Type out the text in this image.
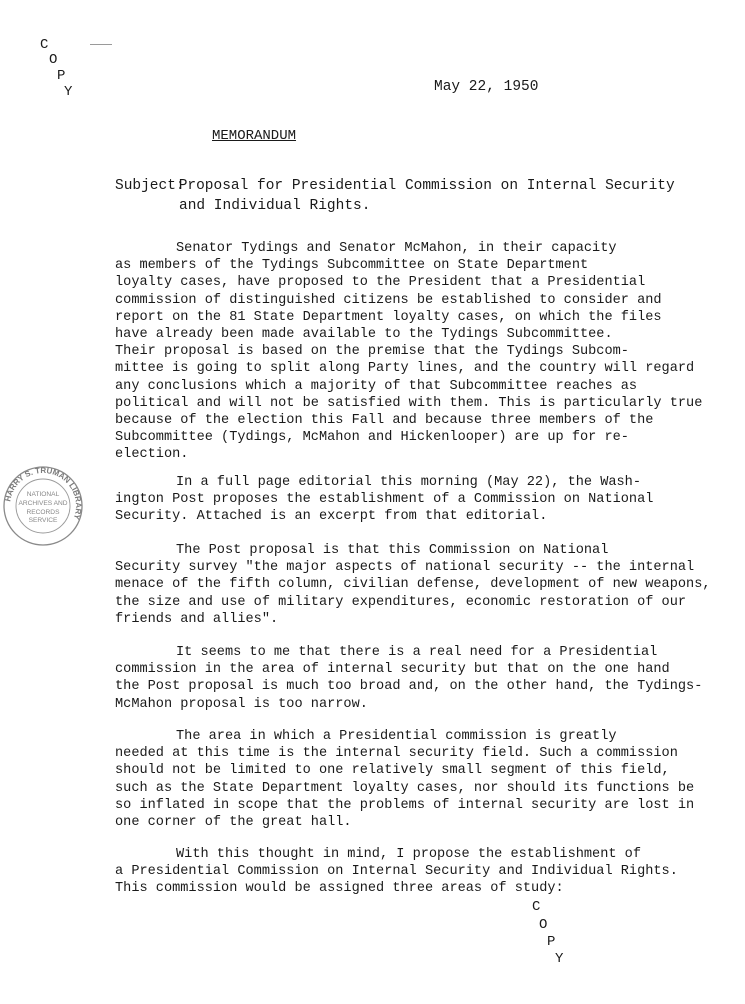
C
O
P
Y	May 22, 1950
MEMORANDUM
Subject: Proposal for Presidential Commission on Internal Security
and Individual Rights.
Senator Tydings and Senator McMahon, in their capacity
as members of the Tydings Subcommittee on State Department
loyalty cases, have proposed to the President that a Presidential
commission of distinguished citizens be established to consider and
report on the 81 State Department loyalty cases, on which the files
have already been made available to the Tydings Subcommittee.
Their proposal is based on the premise that the Tydings Subcom-
mittee is going to split along Party lines, and the country will regard
any conclusions which a majority of that Subcommittee reaches as
political and will not be satisfied with them. This is particularly true
because of the election this Fall and because three members of the
Subcommittee (Tydings, McMahon and Hickenlooper) are up for re-
election.
HARRY S. TRUMAN LIBRARY
NATIONAL
ARCHIVES AND
RECORDS
SERVICE
In a full page editorial this morning (May 22), the Wash-
ington Post proposes the establishment of a Commission on National
Security. Attached is an excerpt from that editorial.
The Post proposal is that this Commission on National
Security survey "the major aspects of national security -- the internal
menace of the fifth column, civilian defense, development of new weapons,
the size and use of military expenditures, economic restoration of our
friends and allies".
It seems to me that there is a real need for a Presidential
commission in the area of internal security but that on the one hand
the Post proposal is much too broad and, on the other hand, the Tydings-
McMahon proposal is too narrow.
The area in which a Presidential commission is greatly
needed at this time is the internal security field. Such a commission
should not be limited to one relatively small segment of this field,
such as the State Department loyalty cases, nor should its functions be
so inflated in scope that the problems of internal security are lost in
one corner of the great hall.
With this thought in mind, I propose the establishment of
a Presidential Commission on Internal Security and Individual Rights.
This commission would be assigned three areas of study:
C
O
P
Y
